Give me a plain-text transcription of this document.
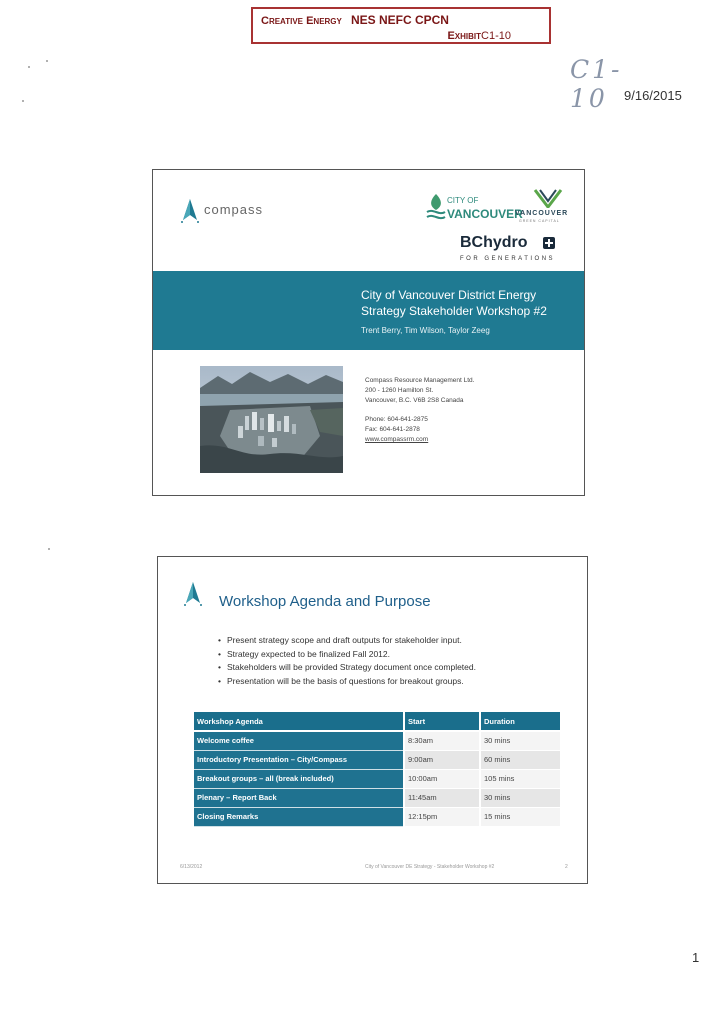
Creative Energy NES NEFC CPCN
ExhibitC1-10
C1-10	9/16/2015
compass
CITY OF
VANCOUVER
VANCOUVER
GREEN CAPITAL
BChydro
FOR GENERATIONS
City of Vancouver District Energy Strategy Stakeholder Workshop #2
Trent Berry, Tim Wilson, Taylor Zeeg
Compass Resource Management Ltd.
200 - 1260 Hamilton St.
Vancouver, B.C. V6B 2S8 Canada
Phone: 604-641-2875
Fax: 604-641-2878
www.compassrm.com
Workshop Agenda and Purpose
• Present strategy scope and draft outputs for stakeholder input.
• Strategy expected to be finalized Fall 2012.
• Stakeholders will be provided Strategy document once completed.
• Presentation will be the basis of questions for breakout groups.
Workshop Agenda	Start	Duration
Welcome coffee	8:30am	30 mins
Introductory Presentation – City/Compass	9:00am	60 mins
Breakout groups – all (break included)	10:00am	105 mins
Plenary – Report Back	11:45am	30 mins
Closing Remarks	12:15pm	15 mins
6/13/2012	City of Vancouver DE Strategy - Stakeholder Workshop #2	2
1
